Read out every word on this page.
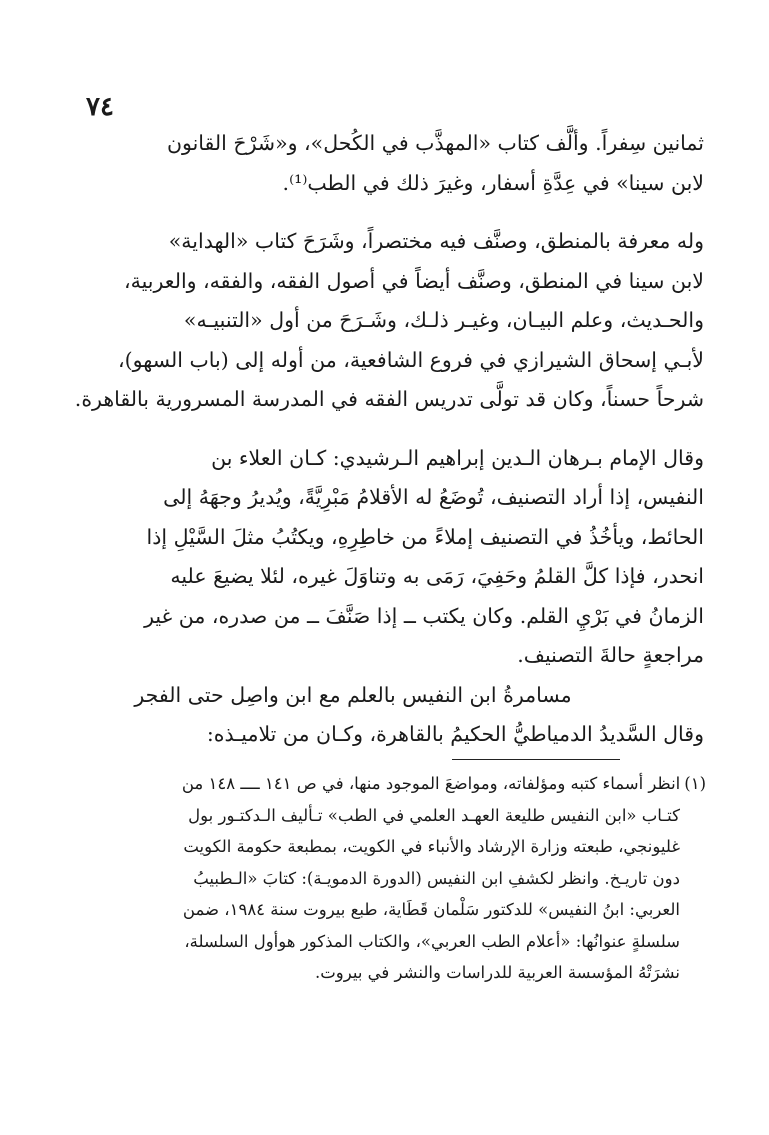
٧٤

ثمانين سِفراً. وألَّف كتاب «المهذَّب في الكُحل»، و«شَرْحَ القانون
لابن سينا» في عِدَّةِ أسفار، وغيرَ ذلك في الطب⁽¹⁾.

وله معرفة بالمنطق، وصنَّف فيه مختصراً، وشَرَحَ كتاب «الهداية»
لابن سينا في المنطق، وصنَّف أيضاً في أصول الفقه، والفقه، والعربية،
والحـديث، وعلم البيـان، وغيـر ذلـك، وشَـرَحَ من أول «التنبيـه»
لأبـي إسحاق الشيرازي في فروع الشافعية، من أوله إلى (باب السهو)،
شرحاً حسناً، وكان قد تولَّى تدريس الفقه في المدرسة المسرورية بالقاهرة.

وقال الإمام بـرهان الـدين إبراهيم الـرشيدي: كـان العلاء بن
النفيس، إذا أراد التصنيف، تُوضَعُ له الأقلامُ مَبْرِيَّةً، ويُديرُ وجهَهُ إلى
الحائط، ويأخُذُ في التصنيف إملاءً من خاطِرِهِ، ويكتُبُ مثلَ السَّيْلِ إذا
انحدر، فإذا كلَّ القلمُ وحَفِيَ، رَمَى به وتناوَلَ غيره، لئلا يضيعَ عليه
الزمانُ في بَرْيِ القلم. وكان يكتب ــ إذا صَنَّفَ ــ من صدره، من غير
مراجعةٍ حالةَ التصنيف.

مسامرةُ ابن النفيس بالعلم مع ابن واصِل حتى الفجر

وقال السَّديدُ الدمياطيُّ الحكيمُ بالقاهرة، وكـان من تلاميـذه:

(١)انظر أسماء كتبه ومؤلفاته، ومواضعَ الموجود منها، في ص ١٤١ ــــ ١٤٨ من
كتـاب «ابن النفيس طليعة العهـد العلمي في الطب» تـأليف الـدكتـور بول
غليونجي، طبعته وزارة الإرشاد والأنباء في الكويت، بمطبعة حكومة الكويت
دون تاريـخ. وانظر لكشفِ ابن النفيس (الدورة الدمويـة): كتابَ «الـطبيبُ
العربي: ابنُ النفيس» للدكتور سَلْمان قَطَاية، طبع بيروت سنة ١٩٨٤، ضمن
سلسلةٍ عنوانُها: «أعلام الطب العربي»، والكتاب المذكور هوأول السلسلة،
نشرَتْهُ المؤسسة العربية للدراسات والنشر في بيروت.
